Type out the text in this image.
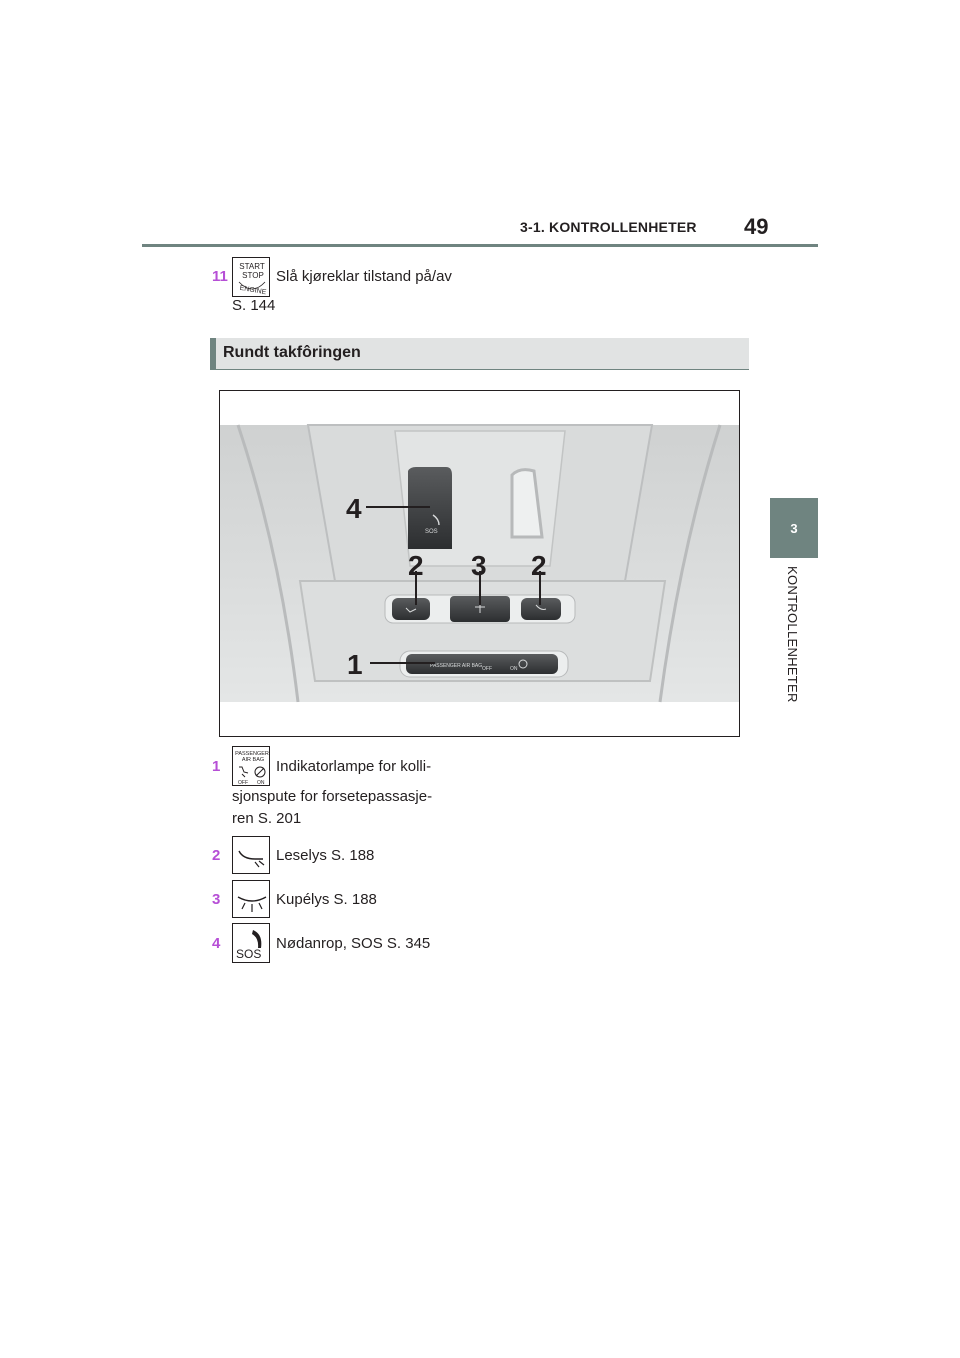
3-1. KONTROLLENHETER 49
3
KONTROLLENHETER
11
START
STOP
ENGINE
Slå kjøreklar tilstand på/av
S. 144
Rundt takfôringen
SOS
PASSENGER AIR BAG OFF	ON
4
2 3 2
1
1
PASSENGER
AIR BAG
OFF ON
Indikatorlampe for kolli-
sjonspute for forsetepassasje-
ren S. 201
2	Leselys S. 188
3	Kupélys S. 188
4
SOS
Nødanrop, SOS S. 345
